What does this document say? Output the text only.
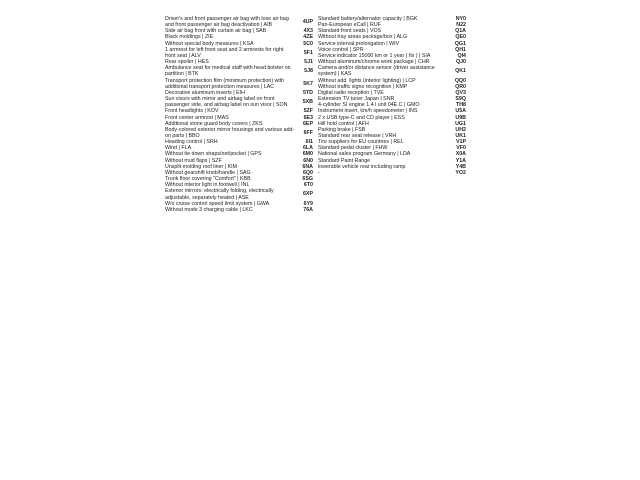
Driver's and front passenger air bag with lose air bag and front passenger air bag deactivation | AIB
4UP
Side air bag front with curtain air bag | SAB	4X3
Black moldings | ZIE	4ZE
Without special body measures | KSA	5C0
1 armrest for left front seat and 2 armrests for right front seat | ALV
5F1
Rear spoiler | HES	5J1
Ambulance seat for medical staff with head bolster on partition | BTK
5J8
Transport protection film (minimum protection) with additional transport protection measures | LAC
5K7
Decorative aluminum inserts | EIH	5TD
Sun visors with mirror and airbag label on front passenger side, and airbag label on sun visor | SON
5XB
Front headlights | KOV	5ZF
Front center armrest | MAS	6E3
Additional stone guard body covers | ZKS	6EP
Body-colored exterior mirror housings and various add-on parts | BBO
6FF
Heading control | SRH	6I1
Wind | FLA	6LA
Without tie down straps/net/pocket | GPS	6M0
Without mud flaps | SZF	6N0
Unsplit molding roof liner | KIM	6NA
Without gearshift knob/handle | SAG	6Q0
Trunk floor covering "Comfort" | KBB	6SG
Without interior light in footwell | INL	6T0
Exterior mirrors: electrically folding, electrically adjustable, separately heated | ASE
6XP
W/o cruise control speed limit system | GWA	6Y9
Without mode 3 charging cable | LKC	76A
Standard battery/alternator capacity | BGK	NY0
Pan-European eCall | RUF	N22
Standard front seats | VOS	Q1A
Without tray areas package/box | ALG	QE0
Service interval prolongation | WIV	QG1
Voice control | SPR	QH1
Service indicator 15000 km or 1 year ( fix ) | SIA	QI4
Without aluminum/chrome work package | CHR	QJ0
Camera and/or distance sensor (driver assistance system) | KAS
QK1
Without add. lights (interior lighting) | LCP	QQ0
Without traffic signs recognition | KMP	QR0
Digital radio reception | TVE	QV3
Extension TV tuner Japan | SNR	S9Q
4-cylinder SI engine 1.4 l unit 04E.C | GMO	TH8
Instrument insert, km/h speedometer | INS	U5A
2 x USB type-C and CD player | ESS	U9B
Hill hold control | AFH	UG1
Parking brake | FSB	UH2
Standard rear seat release | VRH	UK1
Tire suppliers for EU countries | REL	V1P
Standard pedal cluster | FHW	VF0
National sales program Germany | LDA	X0A
Standard Paint Range	Y1A
lowerable vehicle rear including ramp	Y4B
-	YO2
